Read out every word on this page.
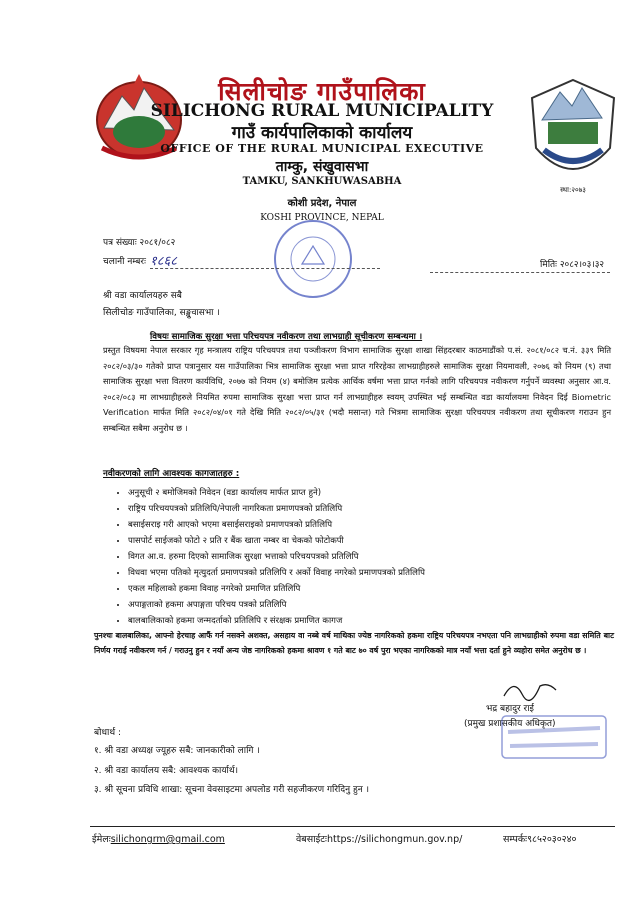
स्था:२०७३
सिलीचोङ गाउँपालिका
SILICHONG RURAL MUNICIPALITY
गाउँ कार्यपालिकाको कार्यालय
OFFICE OF THE RURAL MUNICIPAL EXECUTIVE
ताम्कु, संखुवासभा
TAMKU, SANKHUWASABHA
कोशी प्रदेश, नेपाल
KOSHI PROVINCE, NEPAL
पत्र संख्याः २०८१/०८२
चलानी नम्बरः १८६८	मितिः २०८२।०३।३२
श्री वडा कार्यालयहरु सबै
सिलीचोङ गाउँपालिका, सङ्खुवासभा ।
विषयः सामाजिक सुरक्षा भत्ता परिचयपत्र नवीकरण तथा लाभग्राही सूचीकरण सम्बन्धमा ।
प्रस्तुत विषयमा नेपाल सरकार गृह मन्त्रालय राष्ट्रिय परिचयपत्र तथा पञ्जीकरण विभाग सामाजिक सुरक्षा शाखा सिंहदरबार काठमाडौंको प.सं. २०८१/०८२ च.नं. ३३९ मिति २०८२/०३/३० गतेको प्राप्त पत्रानुसार यस गाउँपालिका भित्र सामाजिक सुरक्षा भत्ता प्राप्त गरिरहेका लाभग्राहीहरुले सामाजिक सुरक्षा नियमावली, २०७६ को नियम (९) तथा सामाजिक सुरक्षा भत्ता वितरण कार्यविधि, २०७७ को नियम (४) बमोजिम प्रत्येक आर्थिक वर्षमा भत्ता प्राप्त गर्नको लागि परिचयपत्र नवीकरण गर्नुपर्ने व्यवस्था अनुसार आ.व. २०८२/०८३ मा लाभग्राहीहरुले नियमित रुपमा सामाजिक सुरक्षा भत्ता प्राप्त गर्न लाभग्राहीहरु स्वयम् उपस्थित भई सम्बन्धित वडा कार्यालयमा निवेदन दिई Biometric Verification मार्फत मिति २०८२/०४/०१ गते देखि मिति २०८२/०५/३१ (भदौ मसान्त) गते भित्रमा सामाजिक सुरक्षा परिचयपत्र नवीकरण तथा सूचीकरण गराउन हुन सम्बन्धित सबैमा अनुरोध छ ।
नवीकरणको लागि आवश्यक कागजातहरु :
• अनुसूची २ बमोजिमको निवेदन (वडा कार्यालय मार्फत प्राप्त हुने)
• राष्ट्रिय परिचयपत्रको प्रतिलिपि/नेपाली नागरिकता प्रमाणपत्रको प्रतिलिपि
• बसाईसराइ गरी आएको भएमा बसाईसराइको प्रमाणपत्रको प्रतिलिपि
• पासपोर्ट साईजको फोटो २ प्रति र बैंक खाता नम्बर वा चेकको फोटोकपी
• विगत आ.व. हरुमा दिएको सामाजिक सुरक्षा भत्ताको परिचयपत्रको प्रतिलिपि
• विधवा भएमा पतिको मृत्युदर्ता प्रमाणपत्रको प्रतिलिपि र अर्को विवाह नगरेको प्रमाणपत्रको प्रतिलिपि
• एकल महिलाको हकमा विवाह नगरेको प्रमाणित प्रतिलिपि
• अपाङ्गताको हकमा अपाङ्गता परिचय पत्रको प्रतिलिपि
• बालबालिकाको हकमा जन्मदर्ताको प्रतिलिपि र संरक्षक प्रमाणित कागज
पुनश्चः बालबालिका, आफ्नो हेरचाह आफैं गर्न नसक्ने अशक्त, असहाय वा नब्बे वर्ष माथिका ज्येष्ठ नागरिकको हकमा राष्ट्रिय परिचयपत्र नभएता पनि लाभग्राहीको रुपमा वडा समिति बाट निर्णय गराई नवीकरण गर्न / गराउनु हुन र नयाँ अन्य जेष्ठ नागरिकको हकमा श्रावण १ गते बाट ७० वर्ष पुरा भएका नागरिकको मात्र नयाँ भत्ता दर्ता हुने व्यहोरा समेत अनुरोध छ ।
भद्र बहादुर राई
(प्रमुख प्रशासकीय अधिकृत)
बोधार्थ :
१. श्री वडा अध्यक्ष ज्यूहरु सबै: जानकारीको लागि ।
२. श्री वडा कार्यालय सबै: आवश्यक कार्यार्थ।
३. श्री सूचना प्रविधि शाखा: सूचना वेवसाइटमा अपलोड गरी सहजीकरण गरिदिनु हुन ।
ईमेलःsilichongrm@gmail.com	वेबसाईटःhttps://silichongmun.gov.np/	सम्पर्कः९८५२०३०२४०
